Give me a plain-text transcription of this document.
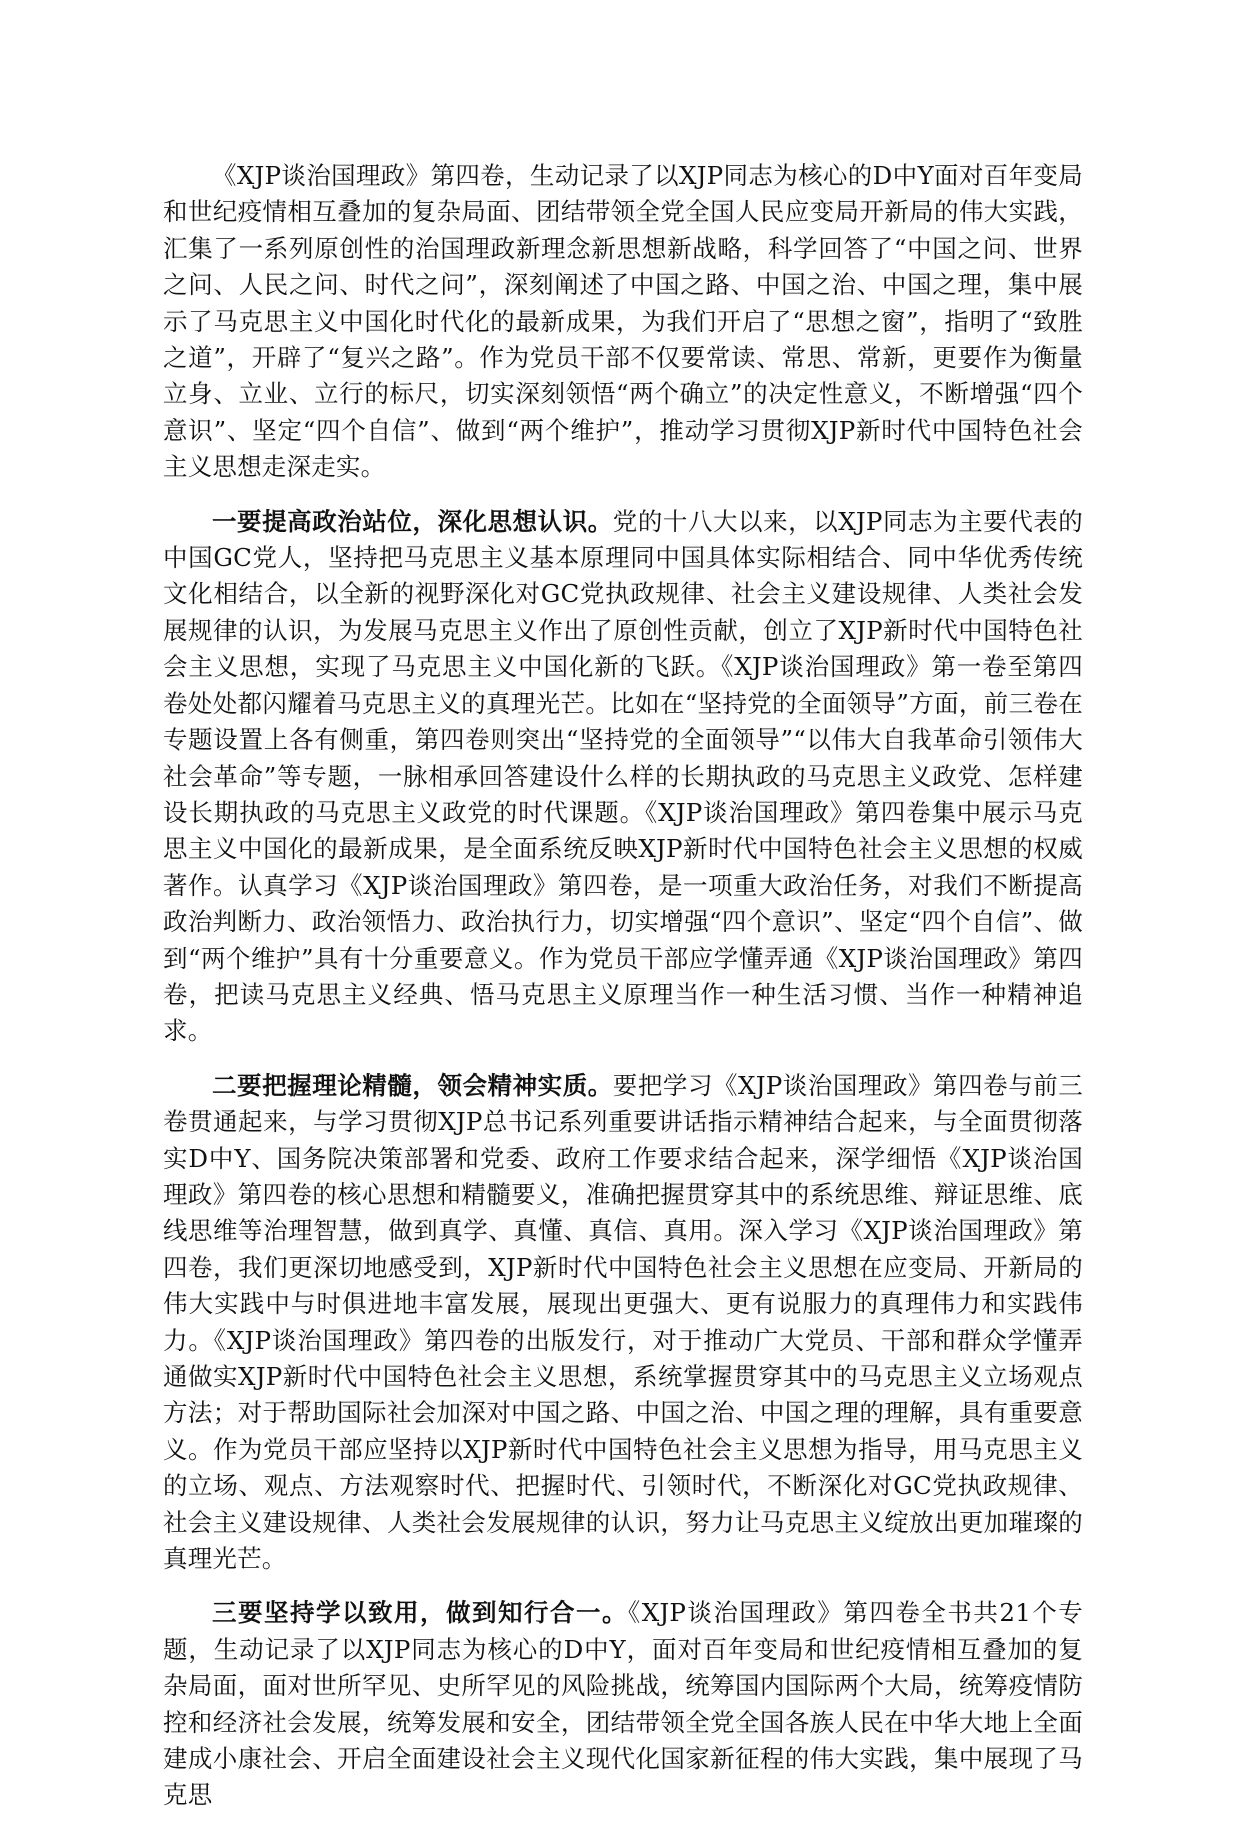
《XJP谈治国理政》第四卷，生动记录了以XJP同志为核心的D中Y面对百年变局和世纪疫情相互叠加的复杂局面、团结带领全党全国人民应变局开新局的伟大实践，汇集了一系列原创性的治国理政新理念新思想新战略，科学回答了“中国之问、世界之问、人民之问、时代之问”，深刻阐述了中国之路、中国之治、中国之理，集中展示了马克思主义中国化时代化的最新成果，为我们开启了“思想之窗”，指明了“致胜之道”，开辟了“复兴之路”。作为党员干部不仅要常读、常思、常新，更要作为衡量立身、立业、立行的标尺，切实深刻领悟“两个确立”的决定性意义，不断增强“四个意识”、坚定“四个自信”、做到“两个维护”，推动学习贯彻XJP新时代中国特色社会主义思想走深走实。

一要提高政治站位，深化思想认识。党的十八大以来，以XJP同志为主要代表的中国GC党人，坚持把马克思主义基本原理同中国具体实际相结合、同中华优秀传统文化相结合，以全新的视野深化对GC党执政规律、社会主义建设规律、人类社会发展规律的认识，为发展马克思主义作出了原创性贡献，创立了XJP新时代中国特色社会主义思想，实现了马克思主义中国化新的飞跃。《XJP谈治国理政》第一卷至第四卷处处都闪耀着马克思主义的真理光芒。比如在“坚持党的全面领导”方面，前三卷在专题设置上各有侧重，第四卷则突出“坚持党的全面领导”“以伟大自我革命引领伟大社会革命”等专题，一脉相承回答建设什么样的长期执政的马克思主义政党、怎样建设长期执政的马克思主义政党的时代课题。《XJP谈治国理政》第四卷集中展示马克思主义中国化的最新成果，是全面系统反映XJP新时代中国特色社会主义思想的权威著作。认真学习《XJP谈治国理政》第四卷，是一项重大政治任务，对我们不断提高政治判断力、政治领悟力、政治执行力，切实增强“四个意识”、坚定“四个自信”、做到“两个维护”具有十分重要意义。作为党员干部应学懂弄通《XJP谈治国理政》第四卷，把读马克思主义经典、悟马克思主义原理当作一种生活习惯、当作一种精神追求。

二要把握理论精髓，领会精神实质。要把学习《XJP谈治国理政》第四卷与前三卷贯通起来，与学习贯彻XJP总书记系列重要讲话指示精神结合起来，与全面贯彻落实D中Y、国务院决策部署和党委、政府工作要求结合起来，深学细悟《XJP谈治国理政》第四卷的核心思想和精髓要义，准确把握贯穿其中的系统思维、辩证思维、底线思维等治理智慧，做到真学、真懂、真信、真用。深入学习《XJP谈治国理政》第四卷，我们更深切地感受到，XJP新时代中国特色社会主义思想在应变局、开新局的伟大实践中与时俱进地丰富发展，展现出更强大、更有说服力的真理伟力和实践伟力。《XJP谈治国理政》第四卷的出版发行，对于推动广大党员、干部和群众学懂弄通做实XJP新时代中国特色社会主义思想，系统掌握贯穿其中的马克思主义立场观点方法；对于帮助国际社会加深对中国之路、中国之治、中国之理的理解，具有重要意义。作为党员干部应坚持以XJP新时代中国特色社会主义思想为指导，用马克思主义的立场、观点、方法观察时代、把握时代、引领时代，不断深化对GC党执政规律、社会主义建设规律、人类社会发展规律的认识，努力让马克思主义绽放出更加璀璨的真理光芒。

三要坚持学以致用，做到知行合一。《XJP谈治国理政》第四卷全书共21个专题，生动记录了以XJP同志为核心的D中Y，面对百年变局和世纪疫情相互叠加的复杂局面，面对世所罕见、史所罕见的风险挑战，统筹国内国际两个大局，统筹疫情防控和经济社会发展，统筹发展和安全，团结带领全党全国各族人民在中华大地上全面建成小康社会、开启全面建设社会主义现代化国家新征程的伟大实践，集中展现了马克思
